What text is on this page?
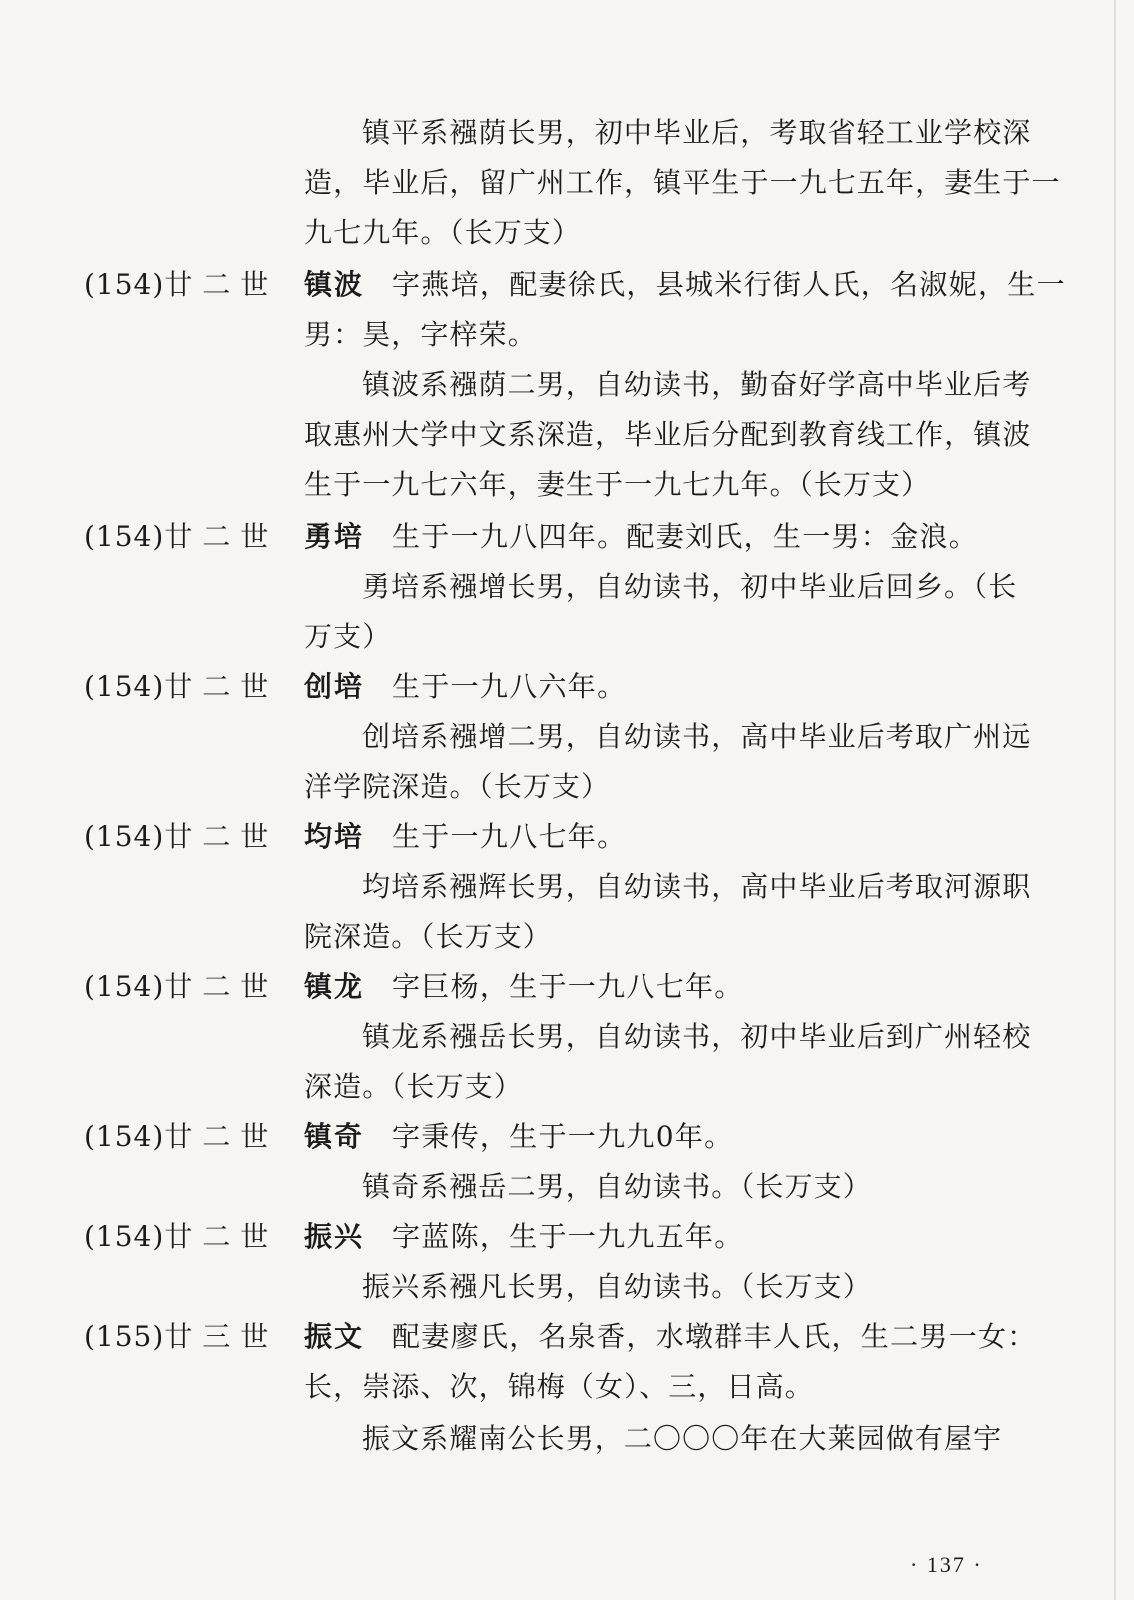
镇平系襁荫长男，初中毕业后，考取省轻工业学校深
造，毕业后，留广州工作，镇平生于一九七五年，妻生于一
九七九年。（长万支）
(154)廿二世 镇波 字燕培，配妻徐氏，县城米行街人氏，名淑妮，生一
男：昊，字梓荣。
镇波系襁荫二男，自幼读书，勤奋好学高中毕业后考
取惠州大学中文系深造，毕业后分配到教育线工作，镇波
生于一九七六年，妻生于一九七九年。（长万支）
(154)廿二世 勇培 生于一九八四年。配妻刘氏，生一男：金浪。
勇培系襁增长男，自幼读书，初中毕业后回乡。（长
万支）
(154)廿二世 创培 生于一九八六年。
创培系襁增二男，自幼读书，高中毕业后考取广州远
洋学院深造。（长万支）
(154)廿二世 均培 生于一九八七年。
均培系襁辉长男，自幼读书，高中毕业后考取河源职
院深造。（长万支）
(154)廿二世 镇龙 字巨杨，生于一九八七年。
镇龙系襁岳长男，自幼读书，初中毕业后到广州轻校
深造。（长万支）
(154)廿二世 镇奇 字秉传，生于一九九0年。
镇奇系襁岳二男，自幼读书。（长万支）
(154)廿二世 振兴 字蓝陈，生于一九九五年。
振兴系襁凡长男，自幼读书。（长万支）
(155)廿三世 振文 配妻廖氏，名泉香，水墩群丰人氏，生二男一女：
长，崇添、次，锦梅（女）、三，日高。
振文系耀南公长男，二〇〇〇年在大莱园做有屋宇
· 137 ·
